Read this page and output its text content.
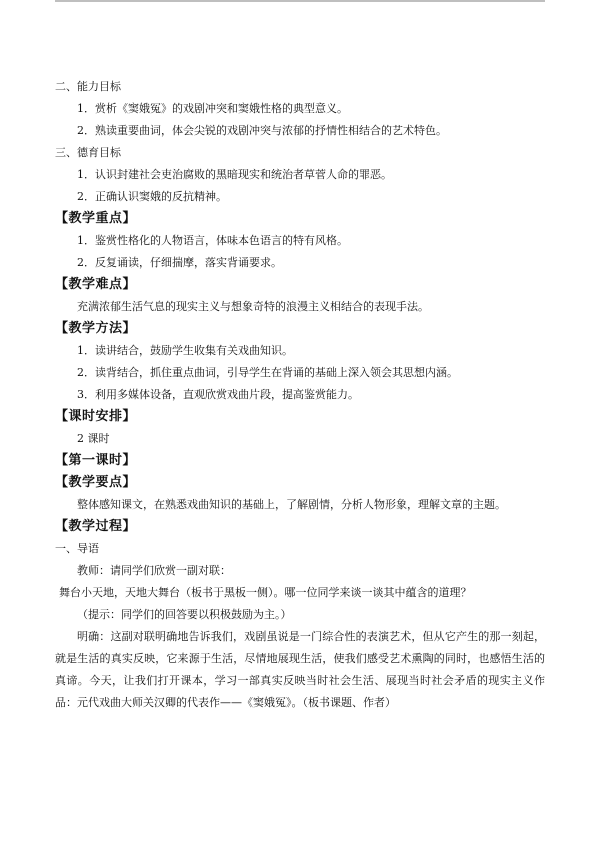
二、能力目标
1．赏析《窦娥冤》的戏剧冲突和窦娥性格的典型意义。
2．熟读重要曲词，体会尖锐的戏剧冲突与浓郁的抒情性相结合的艺术特色。
三、德育目标
1．认识封建社会吏治腐败的黑暗现实和统治者草菅人命的罪恶。
2．正确认识窦娥的反抗精神。
【教学重点】
1．鉴赏性格化的人物语言，体味本色语言的特有风格。
2．反复诵读，仔细揣摩，落实背诵要求。
【教学难点】
充满浓郁生活气息的现实主义与想象奇特的浪漫主义相结合的表现手法。
【教学方法】
1．读讲结合，鼓励学生收集有关戏曲知识。
2．读背结合，抓住重点曲词，引导学生在背诵的基础上深入领会其思想内涵。
3．利用多媒体设备，直观欣赏戏曲片段，提高鉴赏能力。
【课时安排】
2 课时
【第一课时】
【教学要点】
整体感知课文，在熟悉戏曲知识的基础上，了解剧情，分析人物形象，理解文章的主题。
【教学过程】
一、导语
教师：请同学们欣赏一副对联：
舞台小天地，天地大舞台（板书于黑板一侧）。哪一位同学来谈一谈其中蕴含的道理？
（提示：同学们的回答要以积极鼓励为主。）
明确：这副对联明确地告诉我们，戏剧虽说是一门综合性的表演艺术，但从它产生的那一刻起，就是生活的真实反映，它来源于生活，尽情地展现生活，使我们感受艺术熏陶的同时，也感悟生活的真谛。今天，让我们打开课本，学习一部真实反映当时社会生活、展现当时社会矛盾的现实主义作品：元代戏曲大师关汉卿的代表作——《窦娥冤》。（板书课题、作者）
